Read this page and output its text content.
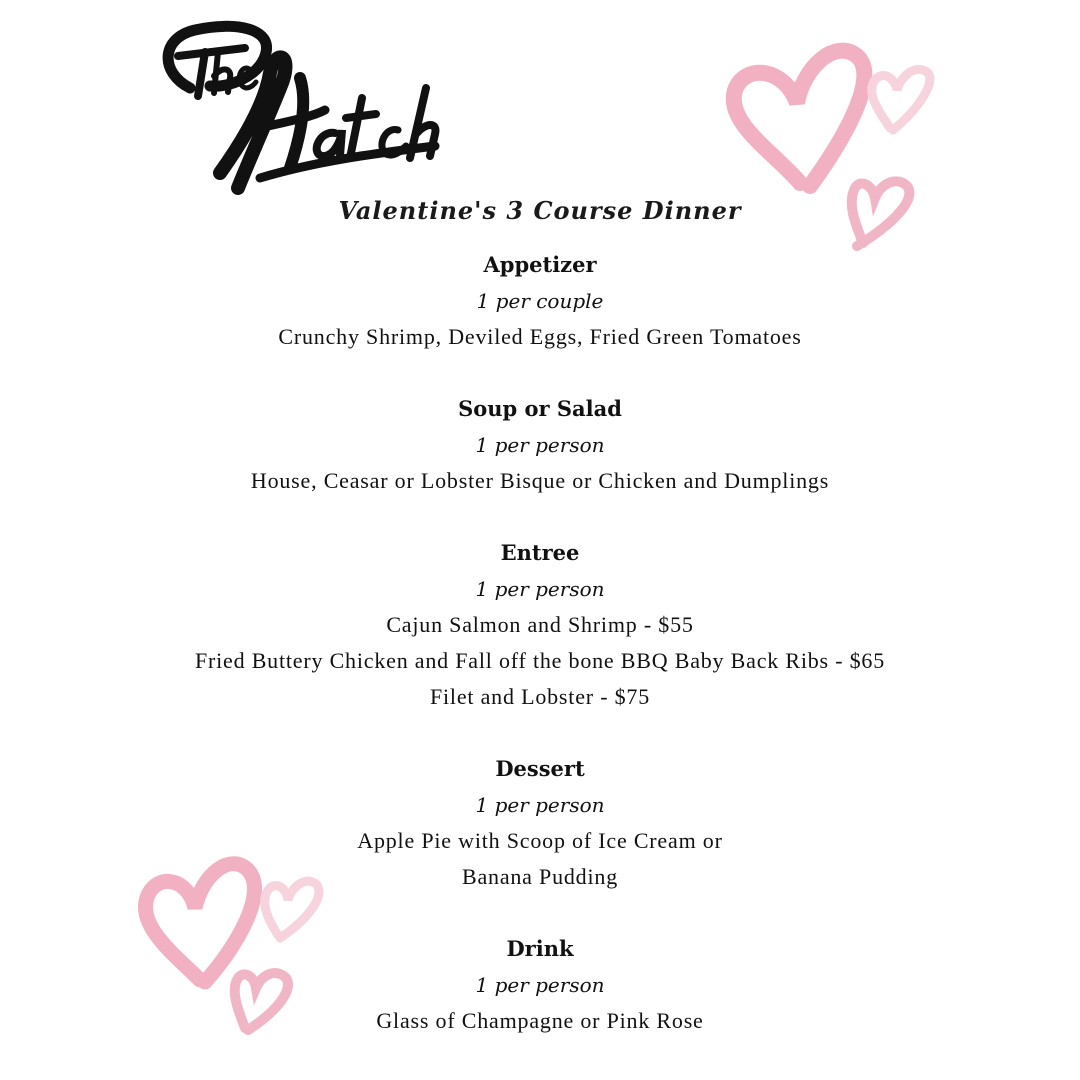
Valentine's 3 Course Dinner

Appetizer

1 per couple

Crunchy Shrimp, Deviled Eggs, Fried Green Tomatoes

Soup or Salad

1 per person

House, Ceasar or Lobster Bisque or Chicken and Dumplings

Entree

1 per person

Cajun Salmon and Shrimp - $55

Fried Buttery Chicken and Fall off the bone BBQ Baby Back Ribs - $65

Filet and Lobster - $75

Dessert

1 per person

Apple Pie with Scoop of Ice Cream or

Banana Pudding

Drink

1 per person

Glass of Champagne or Pink Rose
